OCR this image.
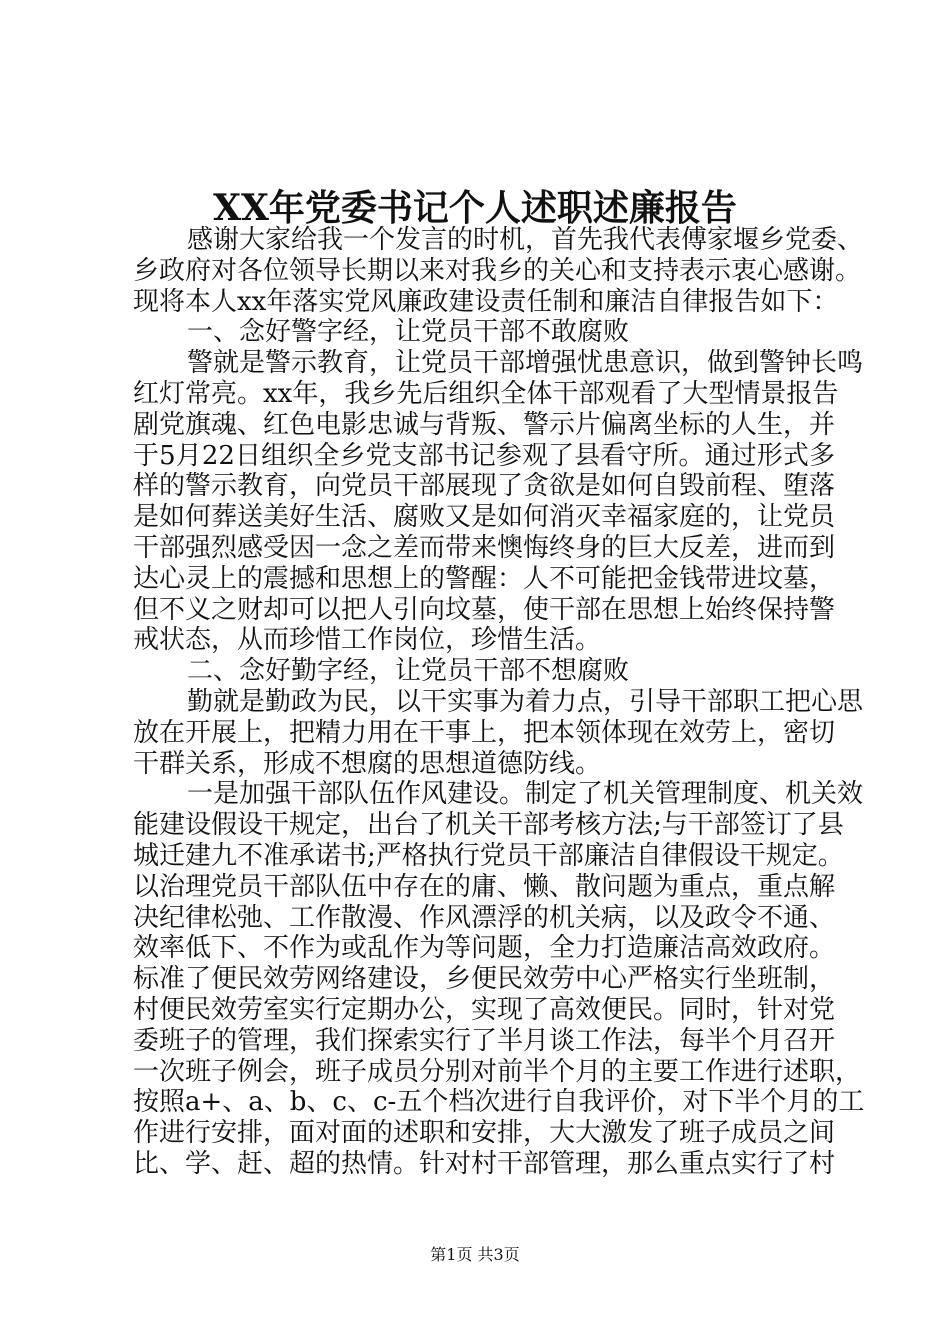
XX年党委书记个人述职述廉报告
感谢大家给我一个发言的时机，首先我代表傅家堰乡党委、
乡政府对各位领导长期以来对我乡的关心和支持表示衷心感谢。
现将本人xx年落实党风廉政建设责任制和廉洁自律报告如下：
一、念好警字经，让党员干部不敢腐败
警就是警示教育，让党员干部增强忧患意识，做到警钟长鸣
红灯常亮。xx年，我乡先后组织全体干部观看了大型情景报告
剧党旗魂、红色电影忠诚与背叛、警示片偏离坐标的人生，并
于5月22日组织全乡党支部书记参观了县看守所。通过形式多
样的警示教育，向党员干部展现了贪欲是如何自毁前程、堕落
是如何葬送美好生活、腐败又是如何消灭幸福家庭的，让党员
干部强烈感受因一念之差而带来懊悔终身的巨大反差，进而到
达心灵上的震撼和思想上的警醒：人不可能把金钱带进坟墓，
但不义之财却可以把人引向坟墓，使干部在思想上始终保持警
戒状态，从而珍惜工作岗位，珍惜生活。
二、念好勤字经，让党员干部不想腐败
勤就是勤政为民，以干实事为着力点，引导干部职工把心思
放在开展上，把精力用在干事上，把本领体现在效劳上，密切
干群关系，形成不想腐的思想道德防线。
一是加强干部队伍作风建设。制定了机关管理制度、机关效
能建设假设干规定，出台了机关干部考核方法;与干部签订了县
城迁建九不准承诺书;严格执行党员干部廉洁自律假设干规定。
以治理党员干部队伍中存在的庸、懒、散问题为重点，重点解
决纪律松弛、工作散漫、作风漂浮的机关病，以及政令不通、
效率低下、不作为或乱作为等问题，全力打造廉洁高效政府。
标准了便民效劳网络建设，乡便民效劳中心严格实行坐班制，
村便民效劳室实行定期办公，实现了高效便民。同时，针对党
委班子的管理，我们探索实行了半月谈工作法，每半个月召开
一次班子例会，班子成员分别对前半个月的主要工作进行述职，
按照a+、a、b、c、c-五个档次进行自我评价，对下半个月的工
作进行安排，面对面的述职和安排，大大激发了班子成员之间
比、学、赶、超的热情。针对村干部管理，那么重点实行了村
第1页 共3页
